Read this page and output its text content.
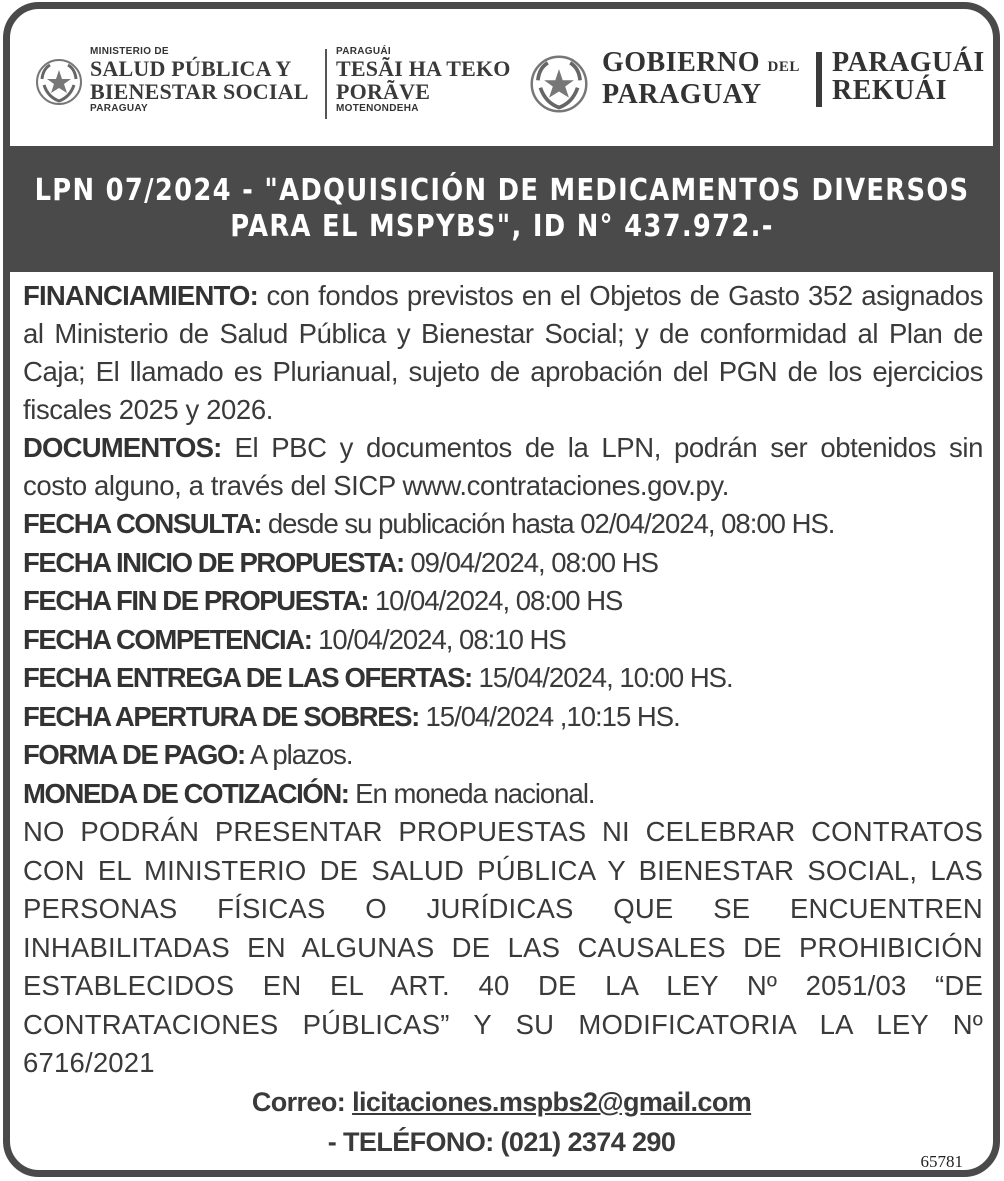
MINISTERIO DE
SALUD PÚBLICA Y
BIENESTAR SOCIAL
PARAGUAY
PARAGUÁI
TESÃI HA TEKO
PORÃVE
MOTENONDEHA
GOBIERNO DEL
PARAGUAY
PARAGUÁI
REKUÁI
LPN 07/2024 - "ADQUISICIÓN DE MEDICAMENTOS DIVERSOS
PARA EL MSPYBS", ID N° 437.972.-

FINANCIAMIENTO: con fondos previstos en el Objetos de Gasto 352 asignados al Ministerio de Salud Pública y Bienestar Social; y de conformidad al Plan de Caja; El llamado es Plurianual, sujeto de aprobación del PGN de los ejercicios fiscales 2025 y 2026.

DOCUMENTOS: El PBC y documentos de la LPN, podrán ser obtenidos sin costo alguno, a través del SICP www.contrataciones.gov.py.

FECHA CONSULTA: desde su publicación hasta 02/04/2024, 08:00 HS.
FECHA INICIO DE PROPUESTA: 09/04/2024, 08:00 HS
FECHA FIN DE PROPUESTA: 10/04/2024, 08:00 HS
FECHA COMPETENCIA: 10/04/2024, 08:10 HS
FECHA ENTREGA DE LAS OFERTAS: 15/04/2024, 10:00 HS.
FECHA APERTURA DE SOBRES: 15/04/2024 ,10:15 HS.
FORMA DE PAGO: A plazos.
MONEDA DE COTIZACIÓN: En moneda nacional.

NO PODRÁN PRESENTAR PROPUESTAS NI CELEBRAR CONTRATOS CON EL MINISTERIO DE SALUD PÚBLICA Y BIENESTAR SOCIAL, LAS PERSONAS FÍSICAS O JURÍDICAS QUE SE ENCUENTREN INHABILITADAS EN ALGUNAS DE LAS CAUSALES DE PROHIBICIÓN ESTABLECIDOS EN EL ART. 40 DE LA LEY Nº 2051/03 “DE CONTRATACIONES PÚBLICAS” Y SU MODIFICATORIA LA LEY Nº 6716/2021

Correo: licitaciones.mspbs2@gmail.com
- TELÉFONO: (021) 2374 290
65781
